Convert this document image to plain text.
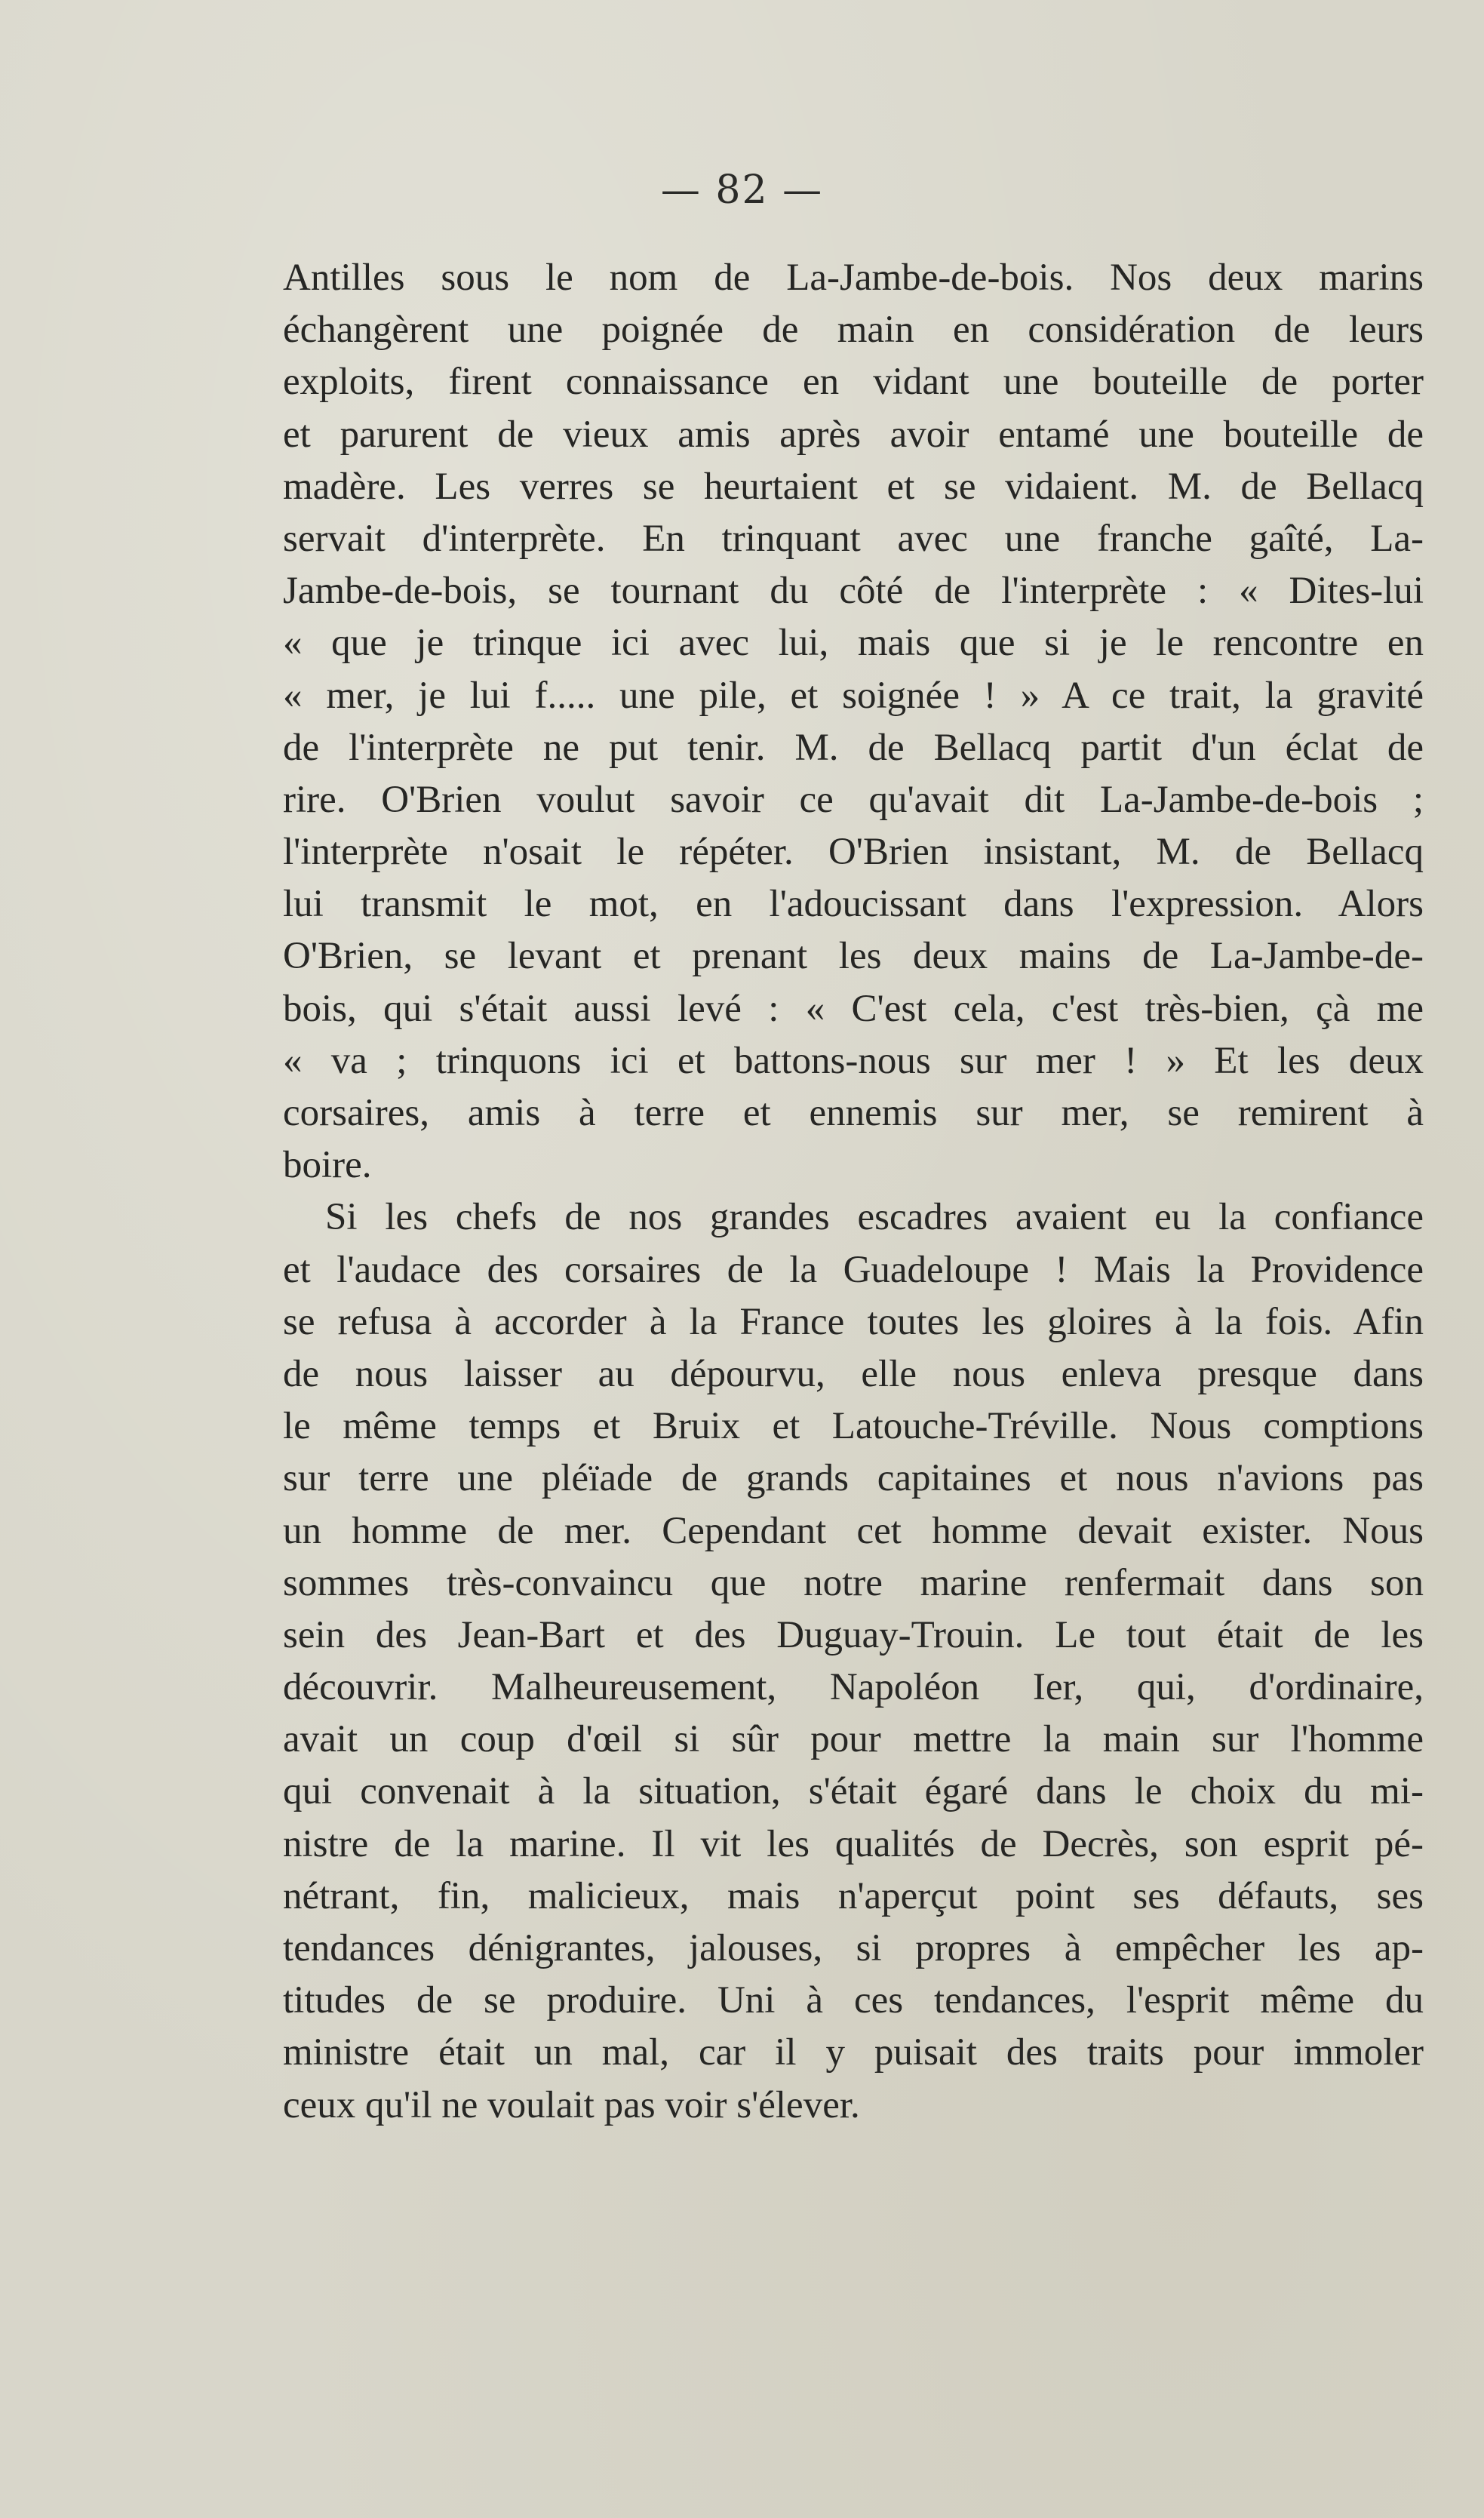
— 82 —
Antilles sous le nom de La-Jambe-de-bois. Nos deux marins
échangèrent une poignée de main en considération de leurs
exploits, firent connaissance en vidant une bouteille de porter
et parurent de vieux amis après avoir entamé une bouteille de
madère. Les verres se heurtaient et se vidaient. M. de Bellacq
servait d'interprète. En trinquant avec une franche gaîté, La-
Jambe-de-bois, se tournant du côté de l'interprète : « Dites-lui
« que je trinque ici avec lui, mais que si je le rencontre en
« mer, je lui f..... une pile, et soignée ! » A ce trait, la gravité
de l'interprète ne put tenir. M. de Bellacq partit d'un éclat de
rire. O'Brien voulut savoir ce qu'avait dit La-Jambe-de-bois ;
l'interprète n'osait le répéter. O'Brien insistant, M. de Bellacq
lui transmit le mot, en l'adoucissant dans l'expression. Alors
O'Brien, se levant et prenant les deux mains de La-Jambe-de-
bois, qui s'était aussi levé : « C'est cela, c'est très-bien, çà me
« va ; trinquons ici et battons-nous sur mer ! » Et les deux
corsaires, amis à terre et ennemis sur mer, se remirent à
boire.
Si les chefs de nos grandes escadres avaient eu la confiance
et l'audace des corsaires de la Guadeloupe ! Mais la Providence
se refusa à accorder à la France toutes les gloires à la fois. Afin
de nous laisser au dépourvu, elle nous enleva presque dans
le même temps et Bruix et Latouche-Tréville. Nous comptions
sur terre une pléïade de grands capitaines et nous n'avions pas
un homme de mer. Cependant cet homme devait exister. Nous
sommes très-convaincu que notre marine renfermait dans son
sein des Jean-Bart et des Duguay-Trouin. Le tout était de les
découvrir. Malheureusement, Napoléon Ier, qui, d'ordinaire,
avait un coup d'œil si sûr pour mettre la main sur l'homme
qui convenait à la situation, s'était égaré dans le choix du mi-
nistre de la marine. Il vit les qualités de Decrès, son esprit pé-
nétrant, fin, malicieux, mais n'aperçut point ses défauts, ses
tendances dénigrantes, jalouses, si propres à empêcher les ap-
titudes de se produire. Uni à ces tendances, l'esprit même du
ministre était un mal, car il y puisait des traits pour immoler
ceux qu'il ne voulait pas voir s'élever.
